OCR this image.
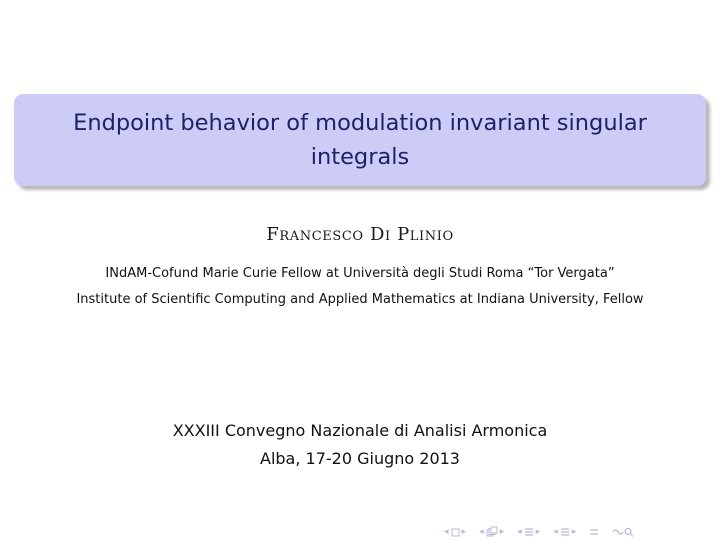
Endpoint behavior of modulation invariant singular
integrals
Francesco Di Plinio
INdAM-Cofund Marie Curie Fellow at Università degli Studi Roma “Tor Vergata”
Institute of Scientific Computing and Applied Mathematics at Indiana University, Fellow
XXXIII Convegno Nazionale di Analisi Armonica
Alba, 17-20 Giugno 2013
◂ ▸ ◂ ▸ ◂ ▸ ◂ ▸
